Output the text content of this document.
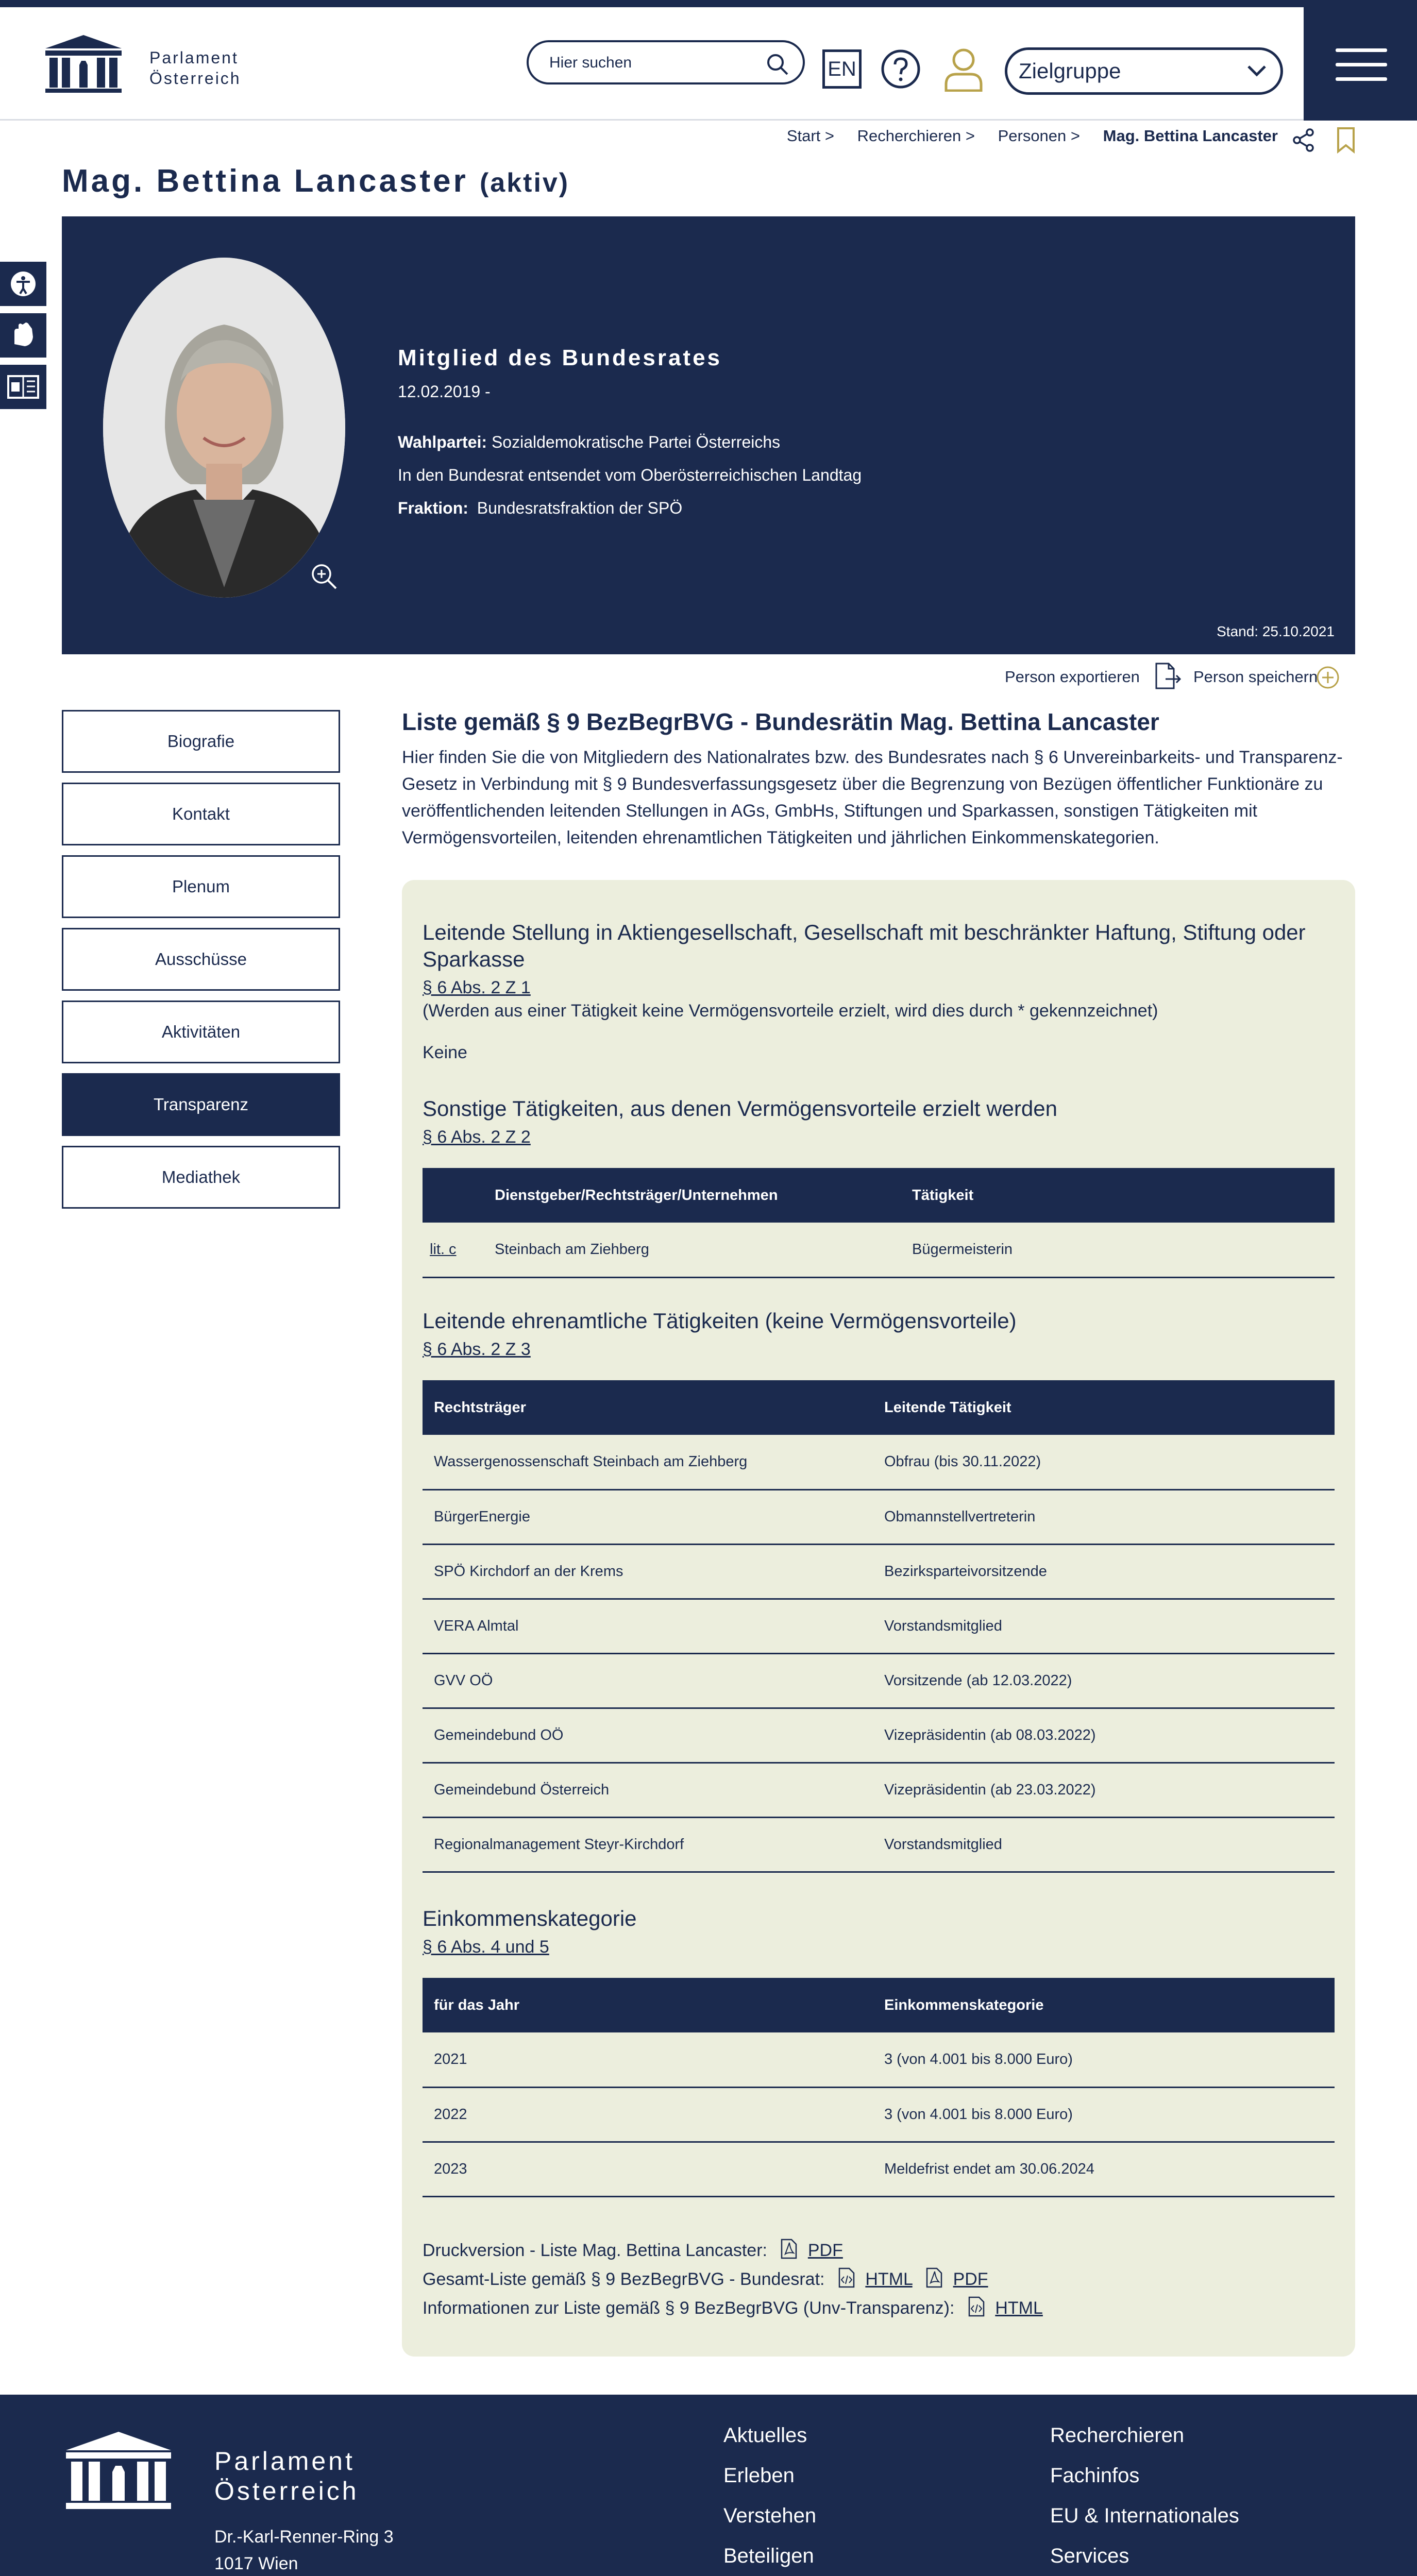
Parlament
Österreich
Hier suchen	EN	Zielgruppe
Start > Recherchieren > Personen > Mag. Bettina Lancaster
Mag. Bettina Lancaster (aktiv)
Mitglied des Bundesrates
12.02.2019 -
Wahlpartei: Sozialdemokratische Partei Österreichs
In den Bundesrat entsendet vom Oberösterreichischen Landtag
Fraktion: Bundesratsfraktion der SPÖ
Stand: 25.10.2021
Person exportieren	Person speichern
Biografie
Kontakt
Plenum
Ausschüsse
Aktivitäten
Transparenz
Mediathek
Liste gemäß § 9 BezBegrBVG - Bundesrätin Mag. Bettina Lancaster

Hier finden Sie die von Mitgliedern des Nationalrates bzw. des Bundesrates nach § 6 Unvereinbarkeits- und Transparenz-Gesetz in Verbindung mit § 9 Bundesverfassungsgesetz über die Begrenzung von Bezügen öffentlicher Funktionäre zu veröffentlichenden leitenden Stellungen in AGs, GmbHs, Stiftungen und Sparkassen, sonstigen Tätigkeiten mit Vermögensvorteilen, leitenden ehrenamtlichen Tätigkeiten und jährlichen Einkommenskategorien.

Leitende Stellung in Aktiengesellschaft, Gesellschaft mit beschränkter Haftung, Stiftung oder Sparkasse
§ 6 Abs. 2 Z 1
(Werden aus einer Tätigkeit keine Vermögensvorteile erzielt, wird dies durch * gekennzeichnet)
Keine
Sonstige Tätigkeiten, aus denen Vermögensvorteile erzielt werden
§ 6 Abs. 2 Z 2
	Dienstgeber/Rechtsträger/Unternehmen	Tätigkeit
lit. c	Steinbach am Ziehberg	Bügermeisterin
Leitende ehrenamtliche Tätigkeiten (keine Vermögensvorteile)
§ 6 Abs. 2 Z 3
Rechtsträger	Leitende Tätigkeit
Wassergenossenschaft Steinbach am Ziehberg	Obfrau (bis 30.11.2022)
BürgerEnergie	Obmannstellvertreterin
SPÖ Kirchdorf an der Krems	Bezirksparteivorsitzende
VERA Almtal	Vorstandsmitglied
GVV OÖ	Vorsitzende (ab 12.03.2022)
Gemeindebund OÖ	Vizepräsidentin (ab 08.03.2022)
Gemeindebund Österreich	Vizepräsidentin (ab 23.03.2022)
Regionalmanagement Steyr-Kirchdorf	Vorstandsmitglied
Einkommenskategorie
§ 6 Abs. 4 und 5
für das Jahr	Einkommenskategorie
2021	3 (von 4.001 bis 8.000 Euro)
2022	3 (von 4.001 bis 8.000 Euro)
2023	Meldefrist endet am 30.06.2024
Druckversion - Liste Mag. Bettina Lancaster: PDF
Gesamt-Liste gemäß § 9 BezBegrBVG - Bundesrat: HTML PDF
Informationen zur Liste gemäß § 9 BezBegrBVG (Unv-Transparenz): HTML
Parlament
Österreich
Dr.-Karl-Renner-Ring 3
1017 Wien
Aktuelles
Erleben
Verstehen
Beteiligen
Recherchieren
Fachinfos
EU & Internationales
Services
